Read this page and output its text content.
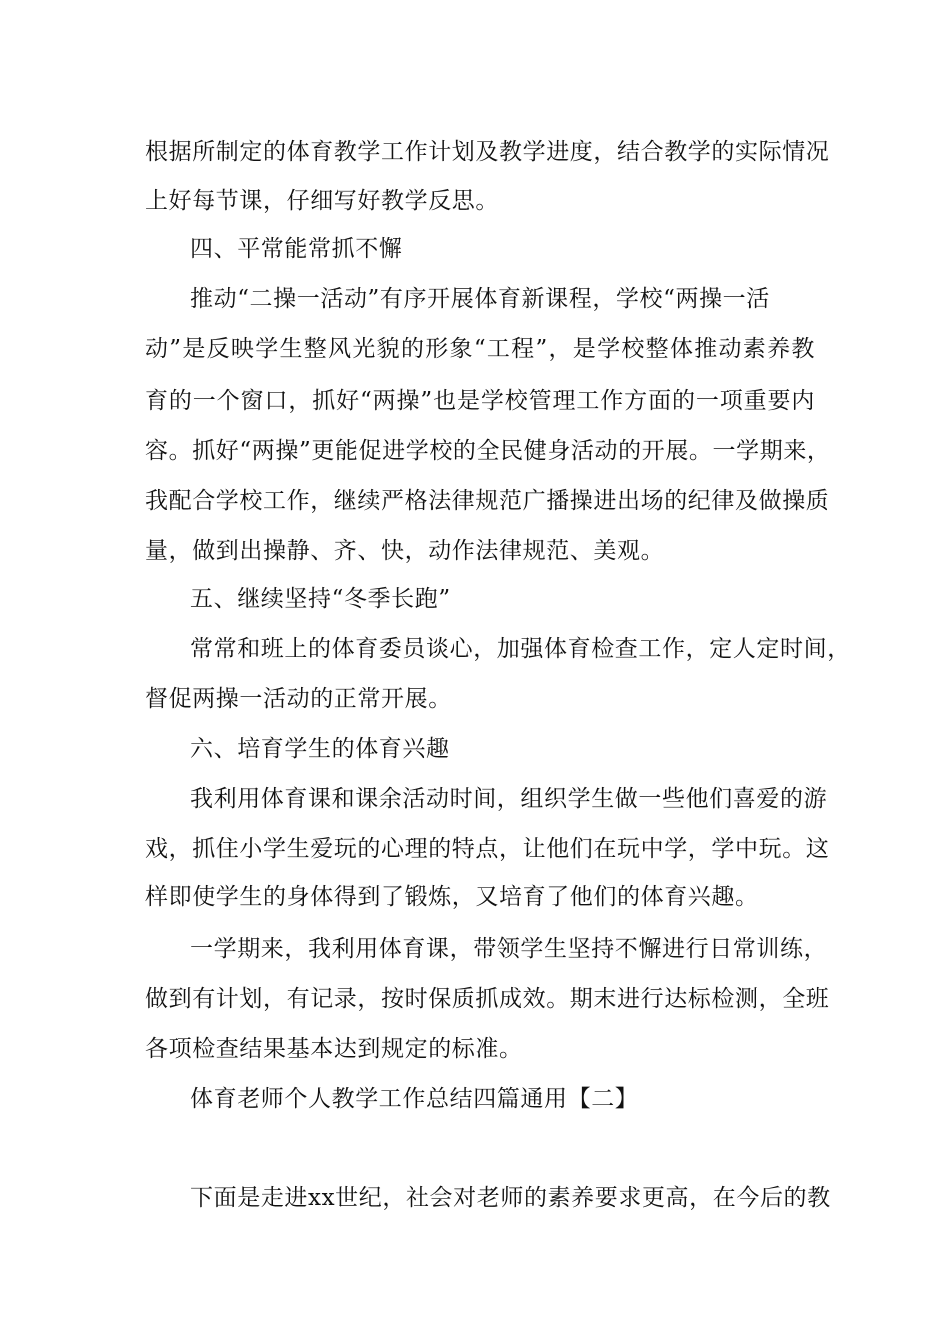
根据所制定的体育教学工作计划及教学进度，结合教学的实际情况
上好每节课，仔细写好教学反思。
四、平常能常抓不懈
推动“二操一活动”有序开展体育新课程，学校“两操一活
动”是反映学生整风光貌的形象“工程”，是学校整体推动素养教
育的一个窗口，抓好“两操”也是学校管理工作方面的一项重要内
容。抓好“两操”更能促进学校的全民健身活动的开展。一学期来，
我配合学校工作，继续严格法律规范广播操进出场的纪律及做操质
量，做到出操静、齐、快，动作法律规范、美观。
五、继续坚持“冬季长跑”
常常和班上的体育委员谈心，加强体育检查工作，定人定时间，
督促两操一活动的正常开展。
六、培育学生的体育兴趣
我利用体育课和课余活动时间，组织学生做一些他们喜爱的游
戏，抓住小学生爱玩的心理的特点，让他们在玩中学，学中玩。这
样即使学生的身体得到了锻炼，又培育了他们的体育兴趣。
一学期来，我利用体育课，带领学生坚持不懈进行日常训练，
做到有计划，有记录，按时保质抓成效。期末进行达标检测，全班
各项检查结果基本达到规定的标准。
体育老师个人教学工作总结四篇通用【二】
下面是走进xx世纪，社会对老师的素养要求更高，在今后的教
